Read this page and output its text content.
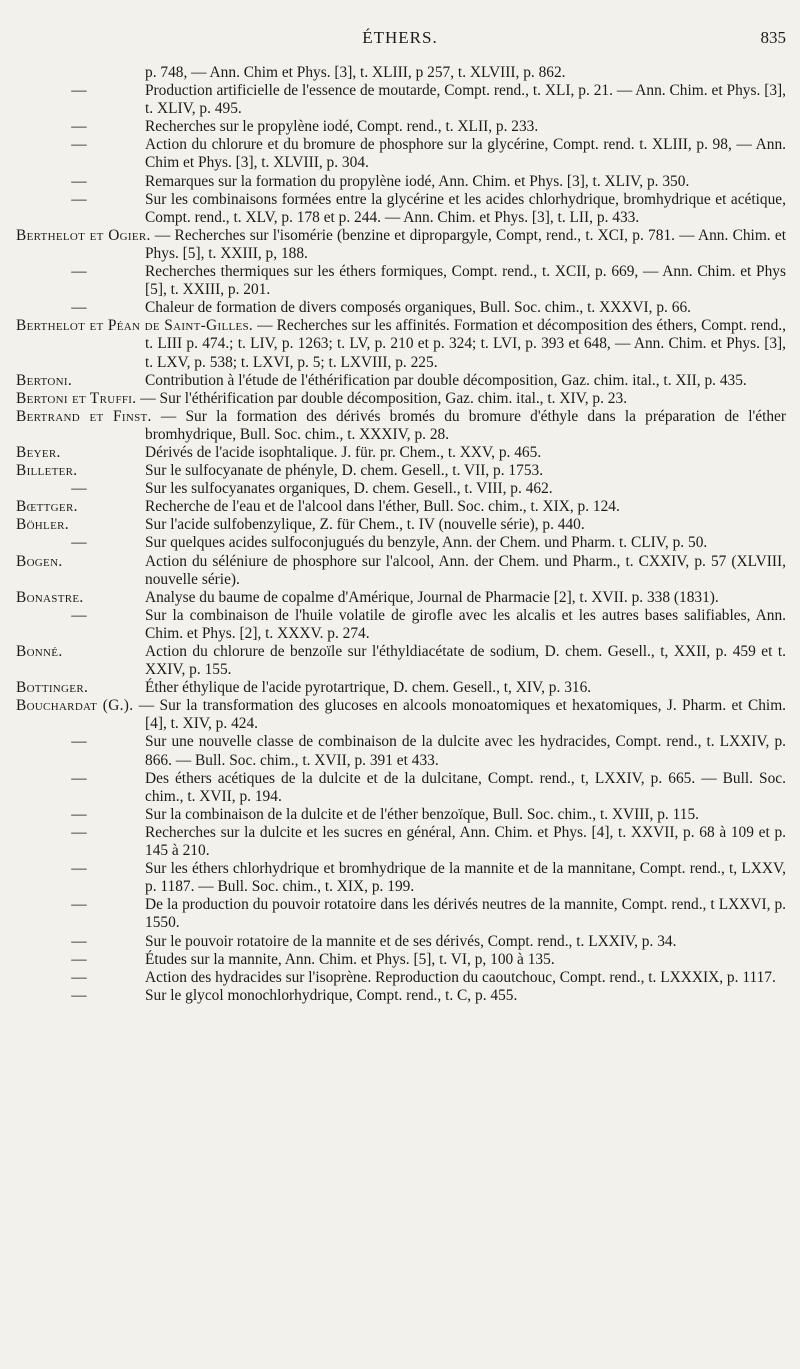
ÉTHERS.	835
p. 748, — Ann. Chim et Phys. [3], t. XLIII, p 257, t. XLVIII, p. 862.
—	Production artificielle de l'essence de moutarde, Compt. rend., t. XLI, p. 21. — Ann. Chim. et Phys. [3], t. XLIV, p. 495.
—	Recherches sur le propylène iodé, Compt. rend., t. XLII, p. 233.
—	Action du chlorure et du bromure de phosphore sur la glycérine, Compt. rend. t. XLIII, p. 98, — Ann. Chim et Phys. [3], t. XLVIII, p. 304.
—	Remarques sur la formation du propylène iodé, Ann. Chim. et Phys. [3], t. XLIV, p. 350.
—	Sur les combinaisons formées entre la glycérine et les acides chlorhydrique, bromhydrique et acétique, Compt. rend., t. XLV, p. 178 et p. 244. — Ann. Chim. et Phys. [3], t. LII, p. 433.
Berthelot et Ogier. — Recherches sur l'isomérie (benzine et dipropargyle, Compt, rend., t. XCI, p. 781. — Ann. Chim. et Phys. [5], t. XXIII, p, 188.
—	Recherches thermiques sur les éthers formiques, Compt. rend., t. XCII, p. 669, — Ann. Chim. et Phys [5], t. XXIII, p. 201.
—	Chaleur de formation de divers composés organiques, Bull. Soc. chim., t. XXXVI, p. 66.
Berthelot et Péan de Saint-Gilles. — Recherches sur les affinités. Formation et décomposition des éthers, Compt. rend., t. LIII p. 474.; t. LIV, p. 1263; t. LV, p. 210 et p. 324; t. LVI, p. 393 et 648, — Ann. Chim. et Phys. [3], t. LXV, p. 538; t. LXVI, p. 5; t. LXVIII, p. 225.
Bertoni.	Contribution à l'étude de l'éthérification par double décomposition, Gaz. chim. ital., t. XII, p. 435.
Bertoni et Truffi. — Sur l'éthérification par double décomposition, Gaz. chim. ital., t. XIV, p. 23.
Bertrand et Finst. — Sur la formation des dérivés bromés du bromure d'éthyle dans la préparation de l'éther bromhydrique, Bull. Soc. chim., t. XXXIV, p. 28.
Beyer.	Dérivés de l'acide isophtalique. J. für. pr. Chem., t. XXV, p. 465.
Billeter.	Sur le sulfocyanate de phényle, D. chem. Gesell., t. VII, p. 1753.
—	Sur les sulfocyanates organiques, D. chem. Gesell., t. VIII, p. 462.
Bœttger.	Recherche de l'eau et de l'alcool dans l'éther, Bull. Soc. chim., t. XIX, p. 124.
Böhler.	Sur l'acide sulfobenzylique, Z. für Chem., t. IV (nouvelle série), p. 440.
—	Sur quelques acides sulfoconjugués du benzyle, Ann. der Chem. und Pharm. t. CLIV, p. 50.
Bogen.	Action du séléniure de phosphore sur l'alcool, Ann. der Chem. und Pharm., t. CXXIV, p. 57 (XLVIII, nouvelle série).
Bonastre.	Analyse du baume de copalme d'Amérique, Journal de Pharmacie [2], t. XVII. p. 338 (1831).
—	Sur la combinaison de l'huile volatile de girofle avec les alcalis et les autres bases salifiables, Ann. Chim. et Phys. [2], t. XXXV. p. 274.
Bonné.	Action du chlorure de benzoïle sur l'éthyldiacétate de sodium, D. chem. Gesell., t, XXII, p. 459 et t. XXIV, p. 155.
Bottinger.	Éther éthylique de l'acide pyrotartrique, D. chem. Gesell., t, XIV, p. 316.
Bouchardat (G.). — Sur la transformation des glucoses en alcools monoatomiques et hexatomiques, J. Pharm. et Chim. [4], t. XIV, p. 424.
—	Sur une nouvelle classe de combinaison de la dulcite avec les hydracides, Compt. rend., t. LXXIV, p. 866. — Bull. Soc. chim., t. XVII, p. 391 et 433.
—	Des éthers acétiques de la dulcite et de la dulcitane, Compt. rend., t, LXXIV, p. 665. — Bull. Soc. chim., t. XVII, p. 194.
—	Sur la combinaison de la dulcite et de l'éther benzoïque, Bull. Soc. chim., t. XVIII, p. 115.
—	Recherches sur la dulcite et les sucres en général, Ann. Chim. et Phys. [4], t. XXVII, p. 68 à 109 et p. 145 à 210.
—	Sur les éthers chlorhydrique et bromhydrique de la mannite et de la mannitane, Compt. rend., t, LXXV, p. 1187. — Bull. Soc. chim., t. XIX, p. 199.
—	De la production du pouvoir rotatoire dans les dérivés neutres de la mannite, Compt. rend., t LXXVI, p. 1550.
—	Sur le pouvoir rotatoire de la mannite et de ses dérivés, Compt. rend., t. LXXIV, p. 34.
—	Études sur la mannite, Ann. Chim. et Phys. [5], t. VI, p, 100 à 135.
—	Action des hydracides sur l'isoprène. Reproduction du caoutchouc, Compt. rend., t. LXXXIX, p. 1117.
—	Sur le glycol monochlorhydrique, Compt. rend., t. C, p. 455.
